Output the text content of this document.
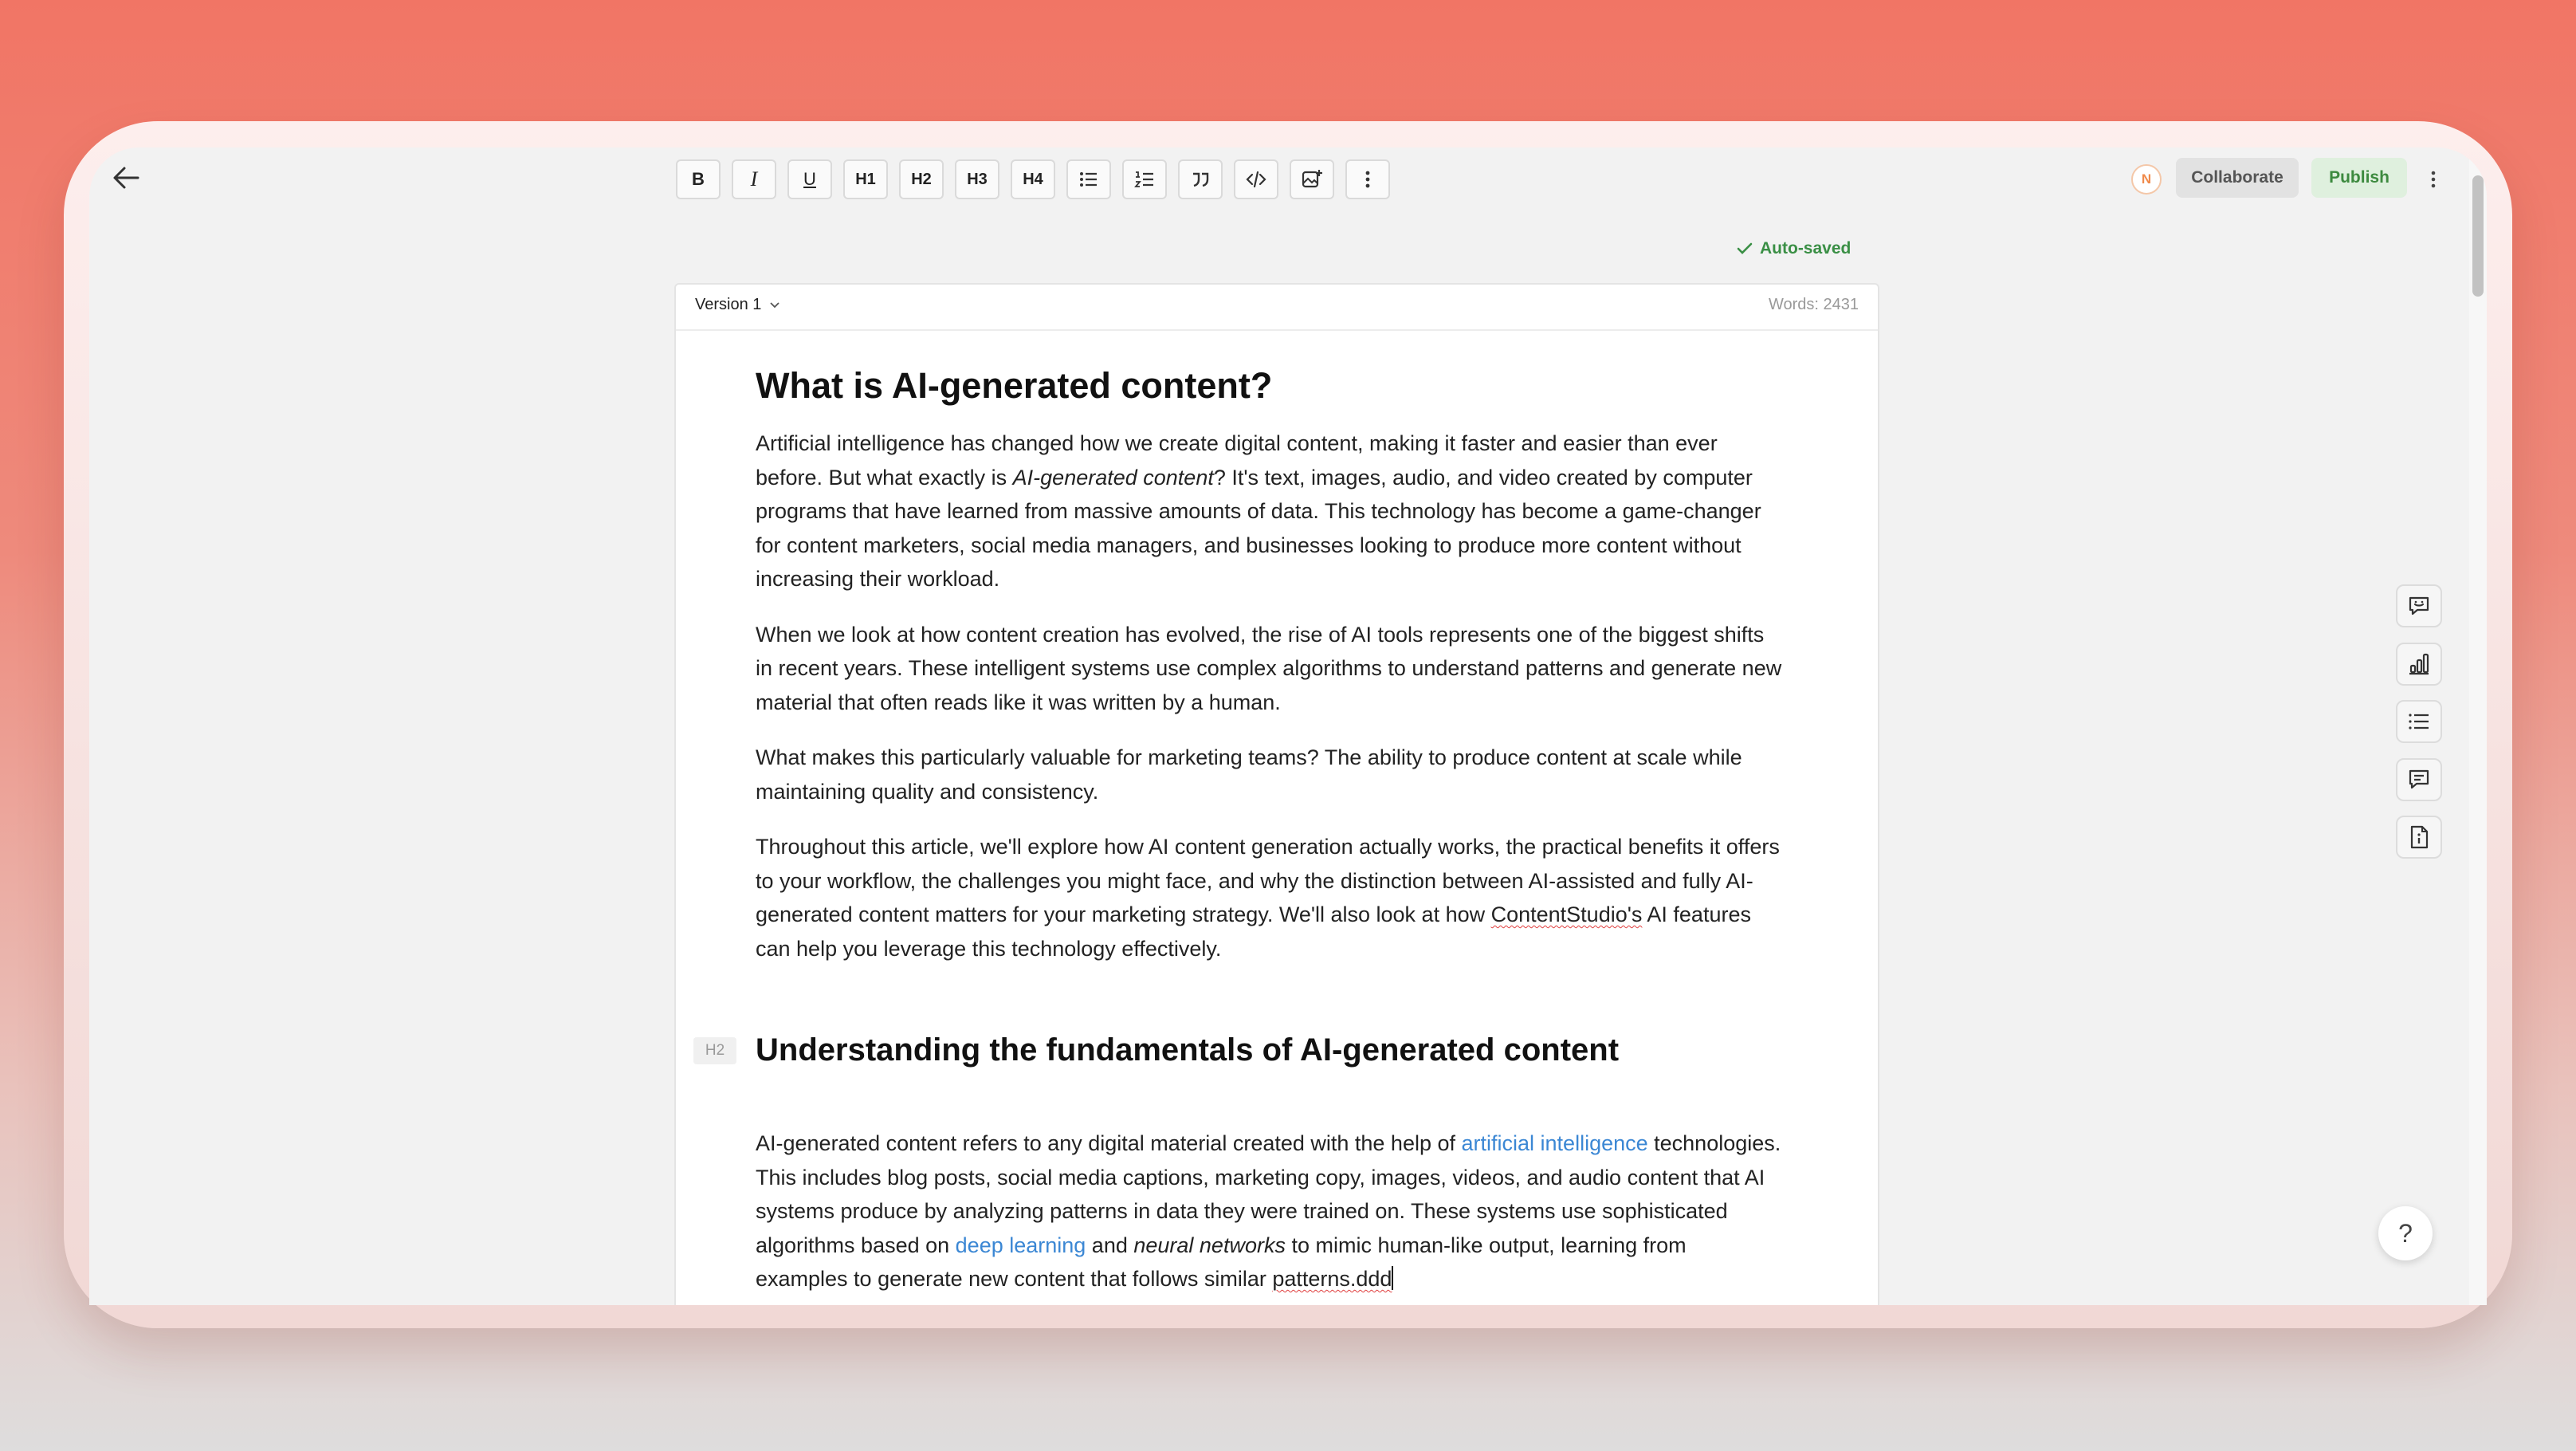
B	I	U	H1	H2	H3	H4	N	Collaborate	Publish
Auto-saved
Version 1	Words: 2431
What is AI-generated content?

Artificial intelligence has changed how we create digital content, making it faster and easier than ever before. But what exactly is AI-generated content? It's text, images, audio, and video created by computer programs that have learned from massive amounts of data. This technology has become a game-changer for content marketers, social media managers, and businesses looking to produce more content without increasing their workload.

When we look at how content creation has evolved, the rise of AI tools represents one of the biggest shifts in recent years. These intelligent systems use complex algorithms to understand patterns and generate new material that often reads like it was written by a human.

What makes this particularly valuable for marketing teams? The ability to produce content at scale while maintaining quality and consistency.

Throughout this article, we'll explore how AI content generation actually works, the practical benefits it offers to your workflow, the challenges you might face, and why the distinction between AI-assisted and fully AI-generated content matters for your marketing strategy. We'll also look at how ContentStudio's AI features can help you leverage this technology effectively.

H2 Understanding the fundamentals of AI-generated content

AI-generated content refers to any digital material created with the help of artificial intelligence technologies. This includes blog posts, social media captions, marketing copy, images, videos, and audio content that AI systems produce by analyzing patterns in data they were trained on. These systems use sophisticated algorithms based on deep learning and neural networks to mimic human-like output, learning from examples to generate new content that follows similar patterns.ddd

?
